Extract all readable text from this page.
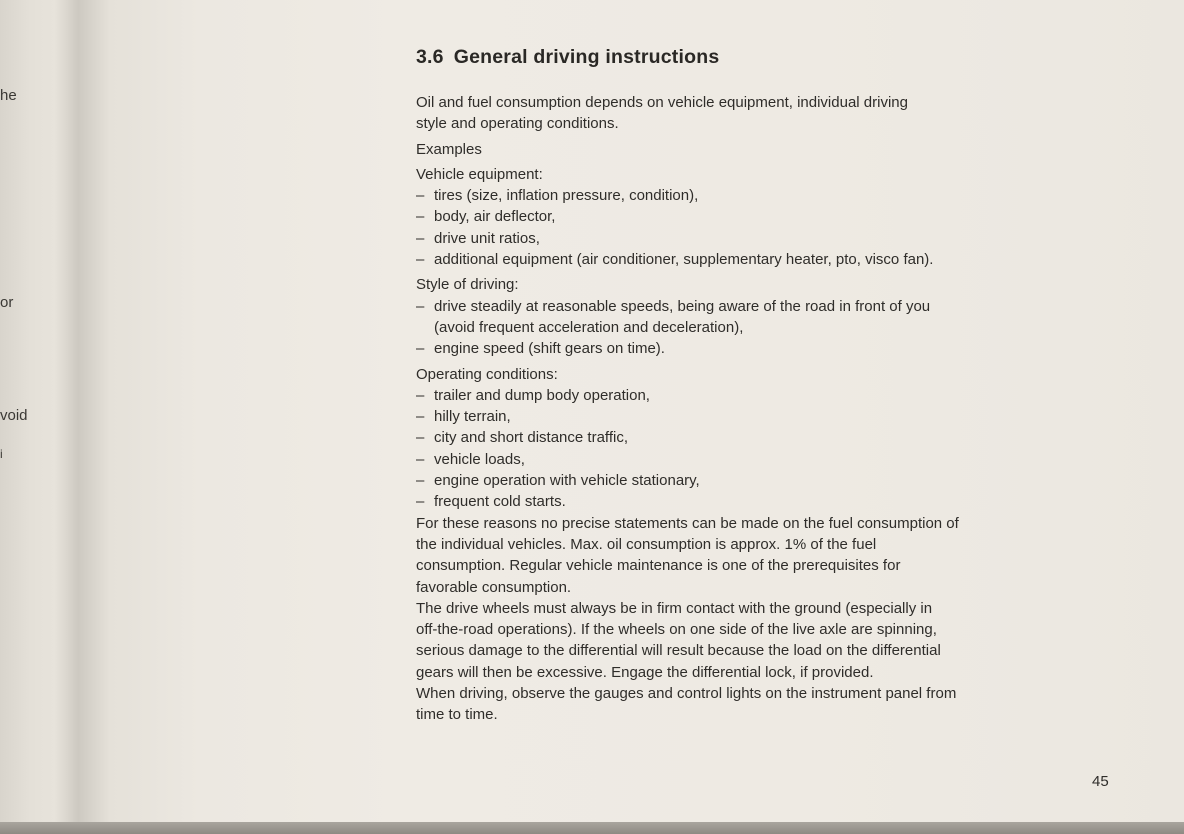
he
or
void
i
3.6 General driving instructions

Oil and fuel consumption depends on vehicle equipment, individual driving
style and operating conditions.

Examples

Vehicle equipment:

– tires (size, inflation pressure, condition),
– body, air deflector,
– drive unit ratios,
– additional equipment (air conditioner, supplementary heater, pto, visco fan).

Style of driving:

– drive steadily at reasonable speeds, being aware of the road in front of you
(avoid frequent acceleration and deceleration),
– engine speed (shift gears on time).

Operating conditions:

– trailer and dump body operation,
– hilly terrain,
– city and short distance traffic,
– vehicle loads,
– engine operation with vehicle stationary,
– frequent cold starts.

For these reasons no precise statements can be made on the fuel consumption of

the individual vehicles. Max. oil consumption is approx. 1% of the fuel

consumption. Regular vehicle maintenance is one of the prerequisites for

favorable consumption.

The drive wheels must always be in firm contact with the ground (especially in

off-the-road operations). If the wheels on one side of the live axle are spinning,

serious damage to the differential will result because the load on the differential

gears will then be excessive. Engage the differential lock, if provided.

When driving, observe the gauges and control lights on the instrument panel from

time to time.

45
